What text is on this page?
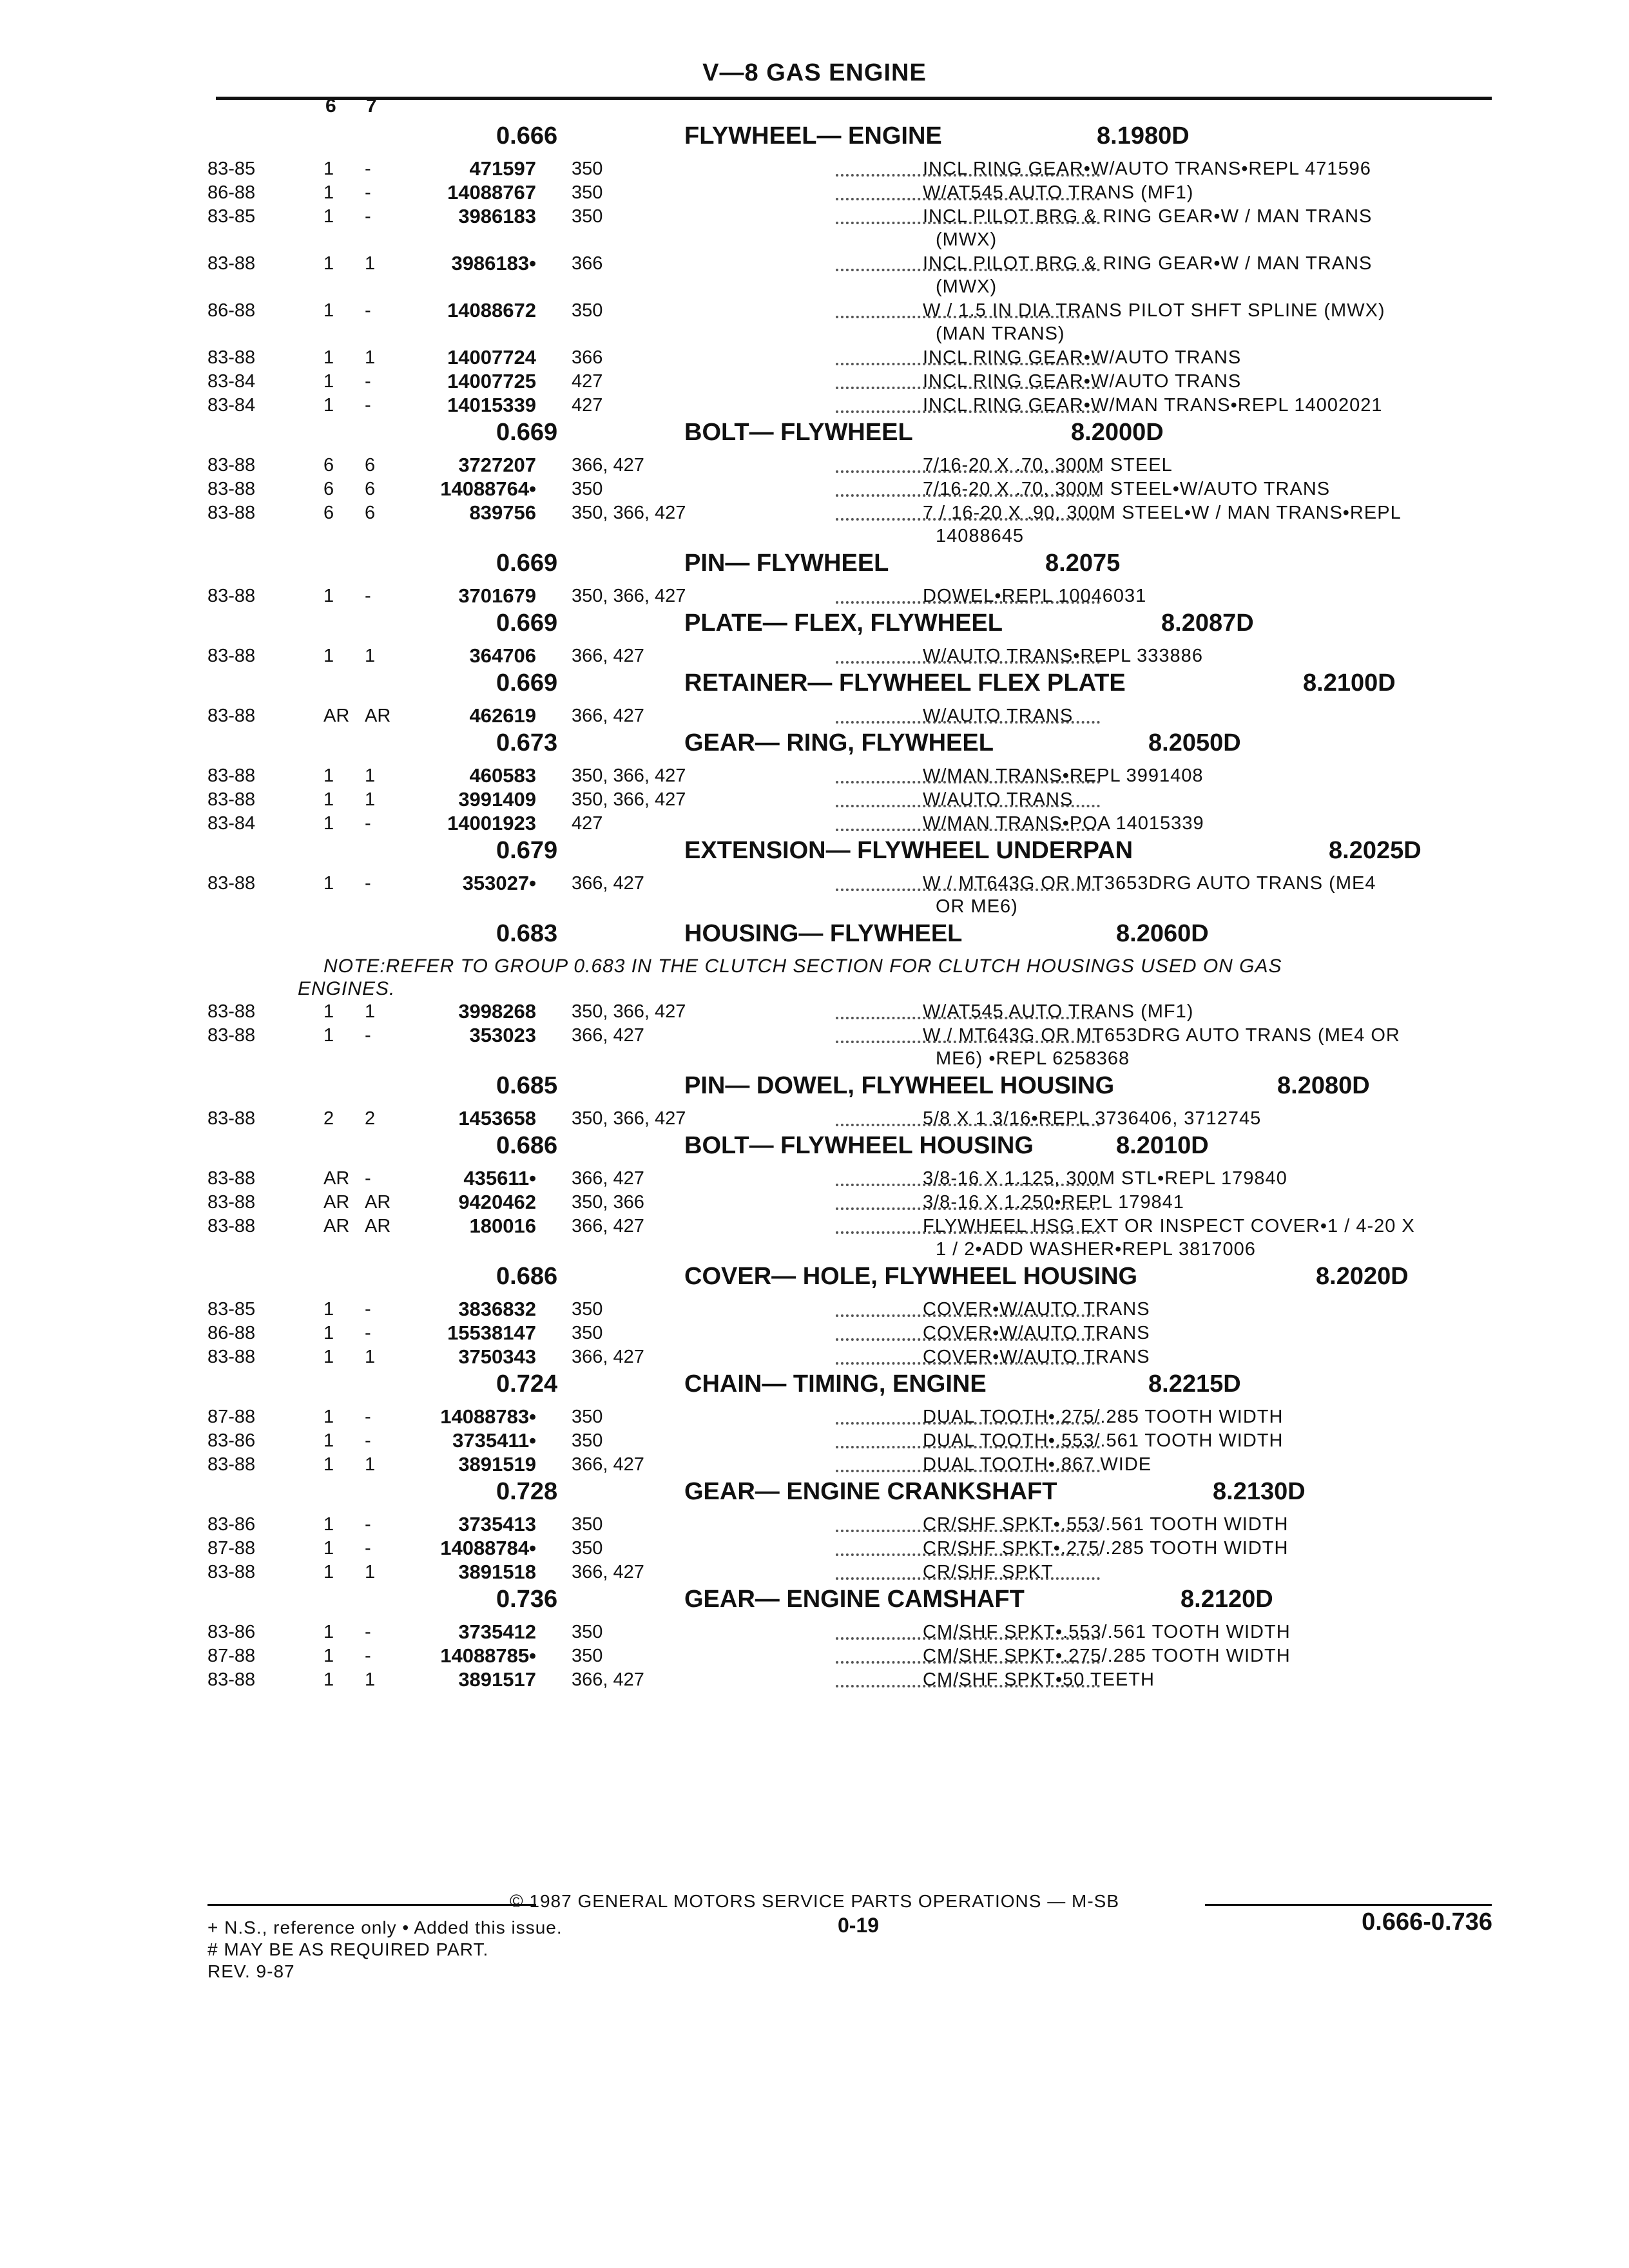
V—8 GAS ENGINE
6 7
0.666	FLYWHEEL— ENGINE	8.1980D
83-85	1 -	471597 350	INCL RING GEAR•W/AUTO TRANS•REPL 471596
86-88	1 -	14088767 350	W/AT545 AUTO TRANS (MF1)
83-85	1 -	3986183 350	INCL PILOT BRG & RING GEAR•W / MAN TRANS
(MWX)
83-88	1 1	3986183• 366	INCL PILOT BRG & RING GEAR•W / MAN TRANS
(MWX)
86-88	1 -	14088672 350	W / 1.5 IN DIA TRANS PILOT SHFT SPLINE (MWX)
(MAN TRANS)
83-88	1 1	14007724 366	INCL RING GEAR•W/AUTO TRANS
83-84	1 -	14007725 427	INCL RING GEAR•W/AUTO TRANS
83-84	1 -	14015339 427	INCL RING GEAR•W/MAN TRANS•REPL 14002021
0.669	BOLT— FLYWHEEL	8.2000D
83-88	6 6	3727207 366, 427	7/16-20 X .70, 300M STEEL
83-88	6 6	14088764• 350	7/16-20 X .70, 300M STEEL•W/AUTO TRANS
83-88	6 6	839756 350, 366, 427	7 / 16-20 X .90, 300M STEEL•W / MAN TRANS•REPL
14088645
0.669	PIN— FLYWHEEL	8.2075
83-88	1 -	3701679 350, 366, 427	DOWEL•REPL 10046031
0.669	PLATE— FLEX, FLYWHEEL	8.2087D
83-88	1 1	364706 366, 427	W/AUTO TRANS•REPL 333886
0.669	RETAINER— FLYWHEEL FLEX PLATE	8.2100D
83-88	AR AR	462619 366, 427	W/AUTO TRANS
0.673	GEAR— RING, FLYWHEEL	8.2050D
83-88	1 1	460583 350, 366, 427	W/MAN TRANS•REPL 3991408
83-88	1 1	3991409 350, 366, 427	W/AUTO TRANS
83-84	1 -	14001923 427	W/MAN TRANS•POA 14015339
0.679	EXTENSION— FLYWHEEL UNDERPAN	8.2025D
83-88	1 -	353027• 366, 427	W / MT643G OR MT3653DRG AUTO TRANS (ME4
OR ME6)
0.683	HOUSING— FLYWHEEL	8.2060D
NOTE:REFER TO GROUP 0.683 IN THE CLUTCH SECTION FOR CLUTCH HOUSINGS USED ON GAS
ENGINES.
83-88	1 1	3998268 350, 366, 427	W/AT545 AUTO TRANS (MF1)
83-88	1 -	353023 366, 427	W / MT643G OR MT653DRG AUTO TRANS (ME4 OR
ME6) •REPL 6258368
0.685	PIN— DOWEL, FLYWHEEL HOUSING	8.2080D
83-88	2 2	1453658 350, 366, 427	5/8 X 1 3/16•REPL 3736406, 3712745
0.686	BOLT— FLYWHEEL HOUSING	8.2010D
83-88	AR -	435611• 366, 427	3/8-16 X 1.125, 300M STL•REPL 179840
83-88	AR AR	9420462 350, 366	3/8-16 X 1.250•REPL 179841
83-88	AR AR	180016 366, 427	FLYWHEEL HSG EXT OR INSPECT COVER•1 / 4-20 X
1 / 2•ADD WASHER•REPL 3817006
0.686	COVER— HOLE, FLYWHEEL HOUSING	8.2020D
83-85	1 -	3836832 350	COVER•W/AUTO TRANS
86-88	1 -	15538147 350	COVER•W/AUTO TRANS
83-88	1 1	3750343 366, 427	COVER•W/AUTO TRANS
0.724	CHAIN— TIMING, ENGINE	8.2215D
87-88	1 -	14088783• 350	DUAL TOOTH•.275/.285 TOOTH WIDTH
83-86	1 -	3735411• 350	DUAL TOOTH•.553/.561 TOOTH WIDTH
83-88	1 1	3891519 366, 427	DUAL TOOTH•.867 WIDE
0.728	GEAR— ENGINE CRANKSHAFT	8.2130D
83-86	1 -	3735413 350	CR/SHF SPKT•.553/.561 TOOTH WIDTH
87-88	1 -	14088784• 350	CR/SHF SPKT•.275/.285 TOOTH WIDTH
83-88	1 1	3891518 366, 427	CR/SHF SPKT
0.736	GEAR— ENGINE CAMSHAFT	8.2120D
83-86	1 -	3735412 350	CM/SHF SPKT•.553/.561 TOOTH WIDTH
87-88	1 -	14088785• 350	CM/SHF SPKT•.275/.285 TOOTH WIDTH
83-88	1 1	3891517 366, 427	CM/SHF SPKT•50 TEETH
© 1987 GENERAL MOTORS SERVICE PARTS OPERATIONS — M-SB
+ N.S., reference only • Added this issue.
# MAY BE AS REQUIRED PART.
REV. 9-87
0-19	0.666-0.736
